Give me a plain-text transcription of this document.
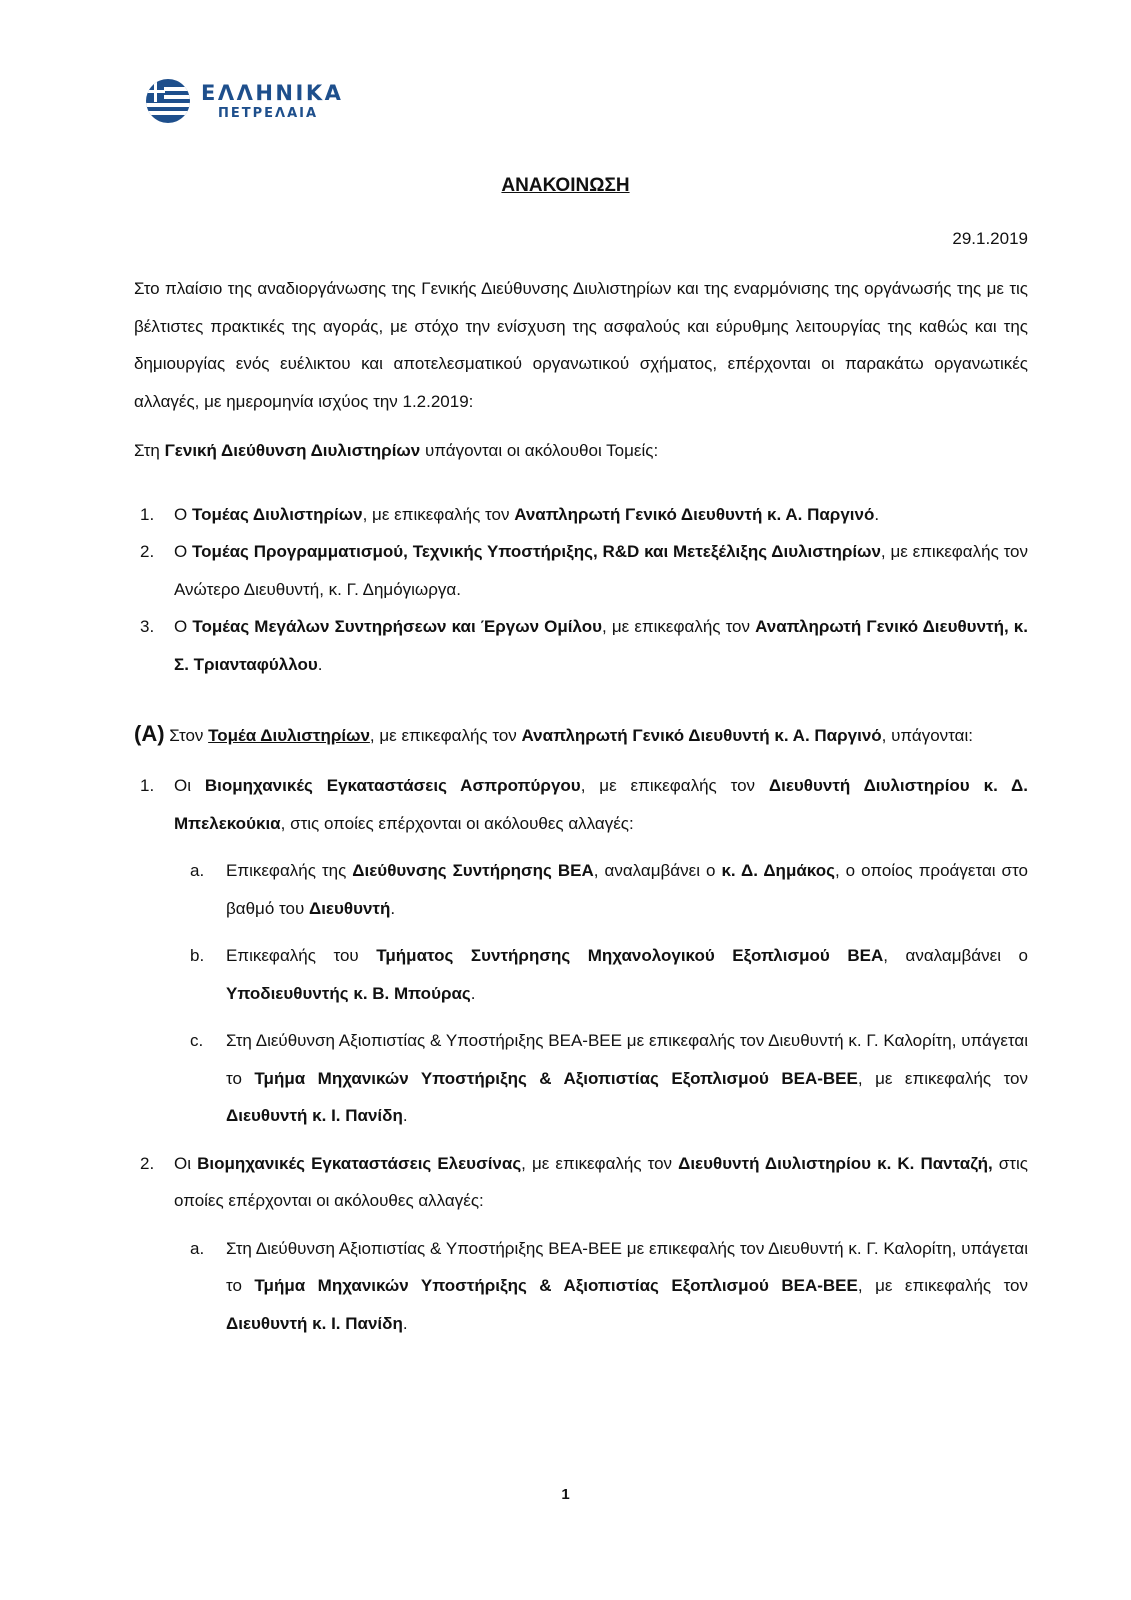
ΕΛΛΗΝΙΚΑ
ΠΕΤΡΕΛΑΙΑ
ΑΝΑΚΟΙΝΩΣΗ
29.1.2019

Στο πλαίσιο της αναδιοργάνωσης της Γενικής Διεύθυνσης Διυλιστηρίων και της εναρμόνισης της οργάνωσής της με τις βέλτιστες πρακτικές της αγοράς, με στόχο την ενίσχυση της ασφαλούς και εύρυθμης λειτουργίας της καθώς και της δημιουργίας ενός ευέλικτου και αποτελεσματικού οργανωτικού σχήματος, επέρχονται οι παρακάτω οργανωτικές αλλαγές, με ημερομηνία ισχύος την 1.2.2019:

Στη Γενική Διεύθυνση Διυλιστηρίων υπάγονται οι ακόλουθοι Τομείς:

1.	Ο Τομέας Διυλιστηρίων, με επικεφαλής τον Αναπληρωτή Γενικό Διευθυντή κ. Α. Παργινό.
2.	Ο Τομέας Προγραμματισμού, Τεχνικής Υποστήριξης, R&D και Μετεξέλιξης Διυλιστηρίων, με επικεφαλής τον Ανώτερο Διευθυντή, κ. Γ. Δημόγιωργα.
3.	Ο Τομέας Μεγάλων Συντηρήσεων και Έργων Ομίλου, με επικεφαλής τον Αναπληρωτή Γενικό Διευθυντή, κ. Σ. Τριανταφύλλου.

(A) Στον Τομέα Διυλιστηρίων, με επικεφαλής τον Αναπληρωτή Γενικό Διευθυντή κ. Α. Παργινό, υπάγονται:

1.	Οι Βιομηχανικές Εγκαταστάσεις Ασπροπύργου, με επικεφαλής τον Διευθυντή Διυλιστηρίου κ. Δ. Μπελεκούκια, στις οποίες επέρχονται οι ακόλουθες αλλαγές:
a.	Επικεφαλής της Διεύθυνσης Συντήρησης ΒΕΑ, αναλαμβάνει ο κ. Δ. Δημάκος, ο οποίος προάγεται στο βαθμό του Διευθυντή.
b.	Επικεφαλής του Τμήματος Συντήρησης Μηχανολογικού Εξοπλισμού ΒΕΑ, αναλαμβάνει ο Υποδιευθυντής κ. Β. Μπούρας.
c.	Στη Διεύθυνση Αξιοπιστίας & Υποστήριξης ΒΕΑ-ΒΕΕ με επικεφαλής τον Διευθυντή κ. Γ. Καλορίτη, υπάγεται το Τμήμα Μηχανικών Υποστήριξης & Αξιοπιστίας Εξοπλισμού ΒΕΑ-ΒΕΕ, με επικεφαλής τον Διευθυντή κ. Ι. Πανίδη.
2.	Οι Βιομηχανικές Εγκαταστάσεις Ελευσίνας, με επικεφαλής τον Διευθυντή Διυλιστηρίου κ. Κ. Πανταζή, στις οποίες επέρχονται οι ακόλουθες αλλαγές:
a.	Στη Διεύθυνση Αξιοπιστίας & Υποστήριξης ΒΕΑ-ΒΕΕ με επικεφαλής τον Διευθυντή κ. Γ. Καλορίτη, υπάγεται το Τμήμα Μηχανικών Υποστήριξης & Αξιοπιστίας Εξοπλισμού ΒΕΑ-ΒΕΕ, με επικεφαλής τον Διευθυντή κ. Ι. Πανίδη.
1
